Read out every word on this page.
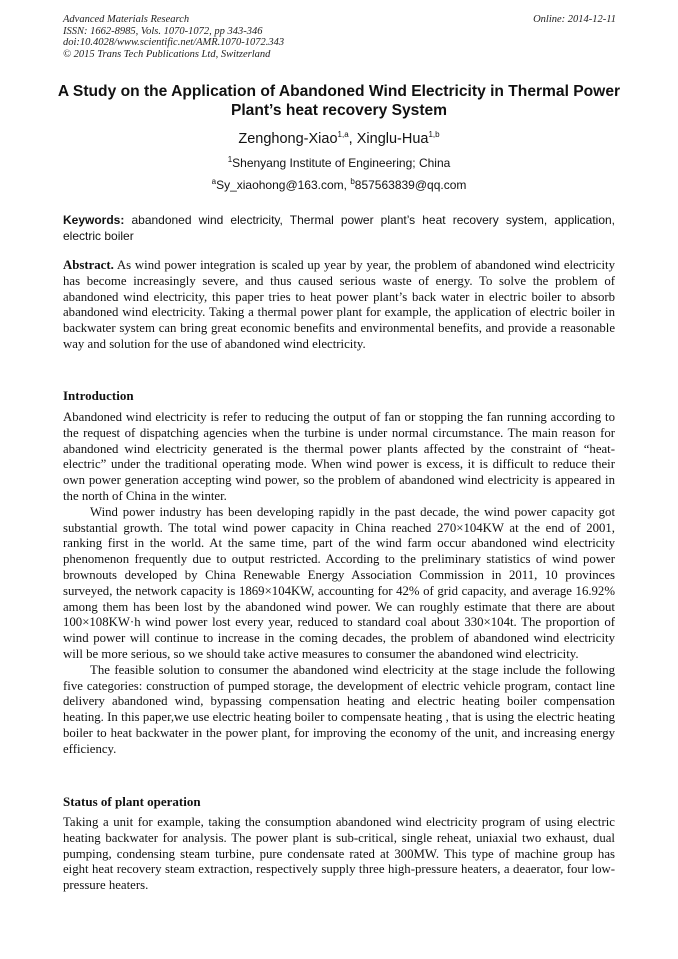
Advanced Materials Research
ISSN: 1662-8985, Vols. 1070-1072, pp 343-346
doi:10.4028/www.scientific.net/AMR.1070-1072.343
© 2015 Trans Tech Publications Ltd, Switzerland
Online: 2014-12-11
A Study on the Application of Abandoned Wind Electricity in Thermal Power Plant’s heat recovery System
Zenghong-Xiao$^{1,a}$, Xinglu-Hua$^{1,b}$
$^1$Shenyang Institute of Engineering; China
$^a$Sy_xiaohong@163.com, $^b$857563839@qq.com
Keywords: abandoned wind electricity, Thermal power plant’s heat recovery system, application, electric boiler
Abstract. As wind power integration is scaled up year by year, the problem of abandoned wind electricity has become increasingly severe, and thus caused serious waste of energy. To solve the problem of abandoned wind electricity, this paper tries to heat power plant’s back water in electric boiler to absorb abandoned wind electricity. Taking a thermal power plant for example, the application of electric boiler in backwater system can bring great economic benefits and environmental benefits, and provide a reasonable way and solution for the use of abandoned wind electricity.
Introduction

Abandoned wind electricity is refer to reducing the output of fan or stopping the fan running according to the request of dispatching agencies when the turbine is under normal circumstance. The main reason for abandoned wind electricity generated is the thermal power plants affected by the constraint of “heat-electric” under the traditional operating mode. When wind power is excess, it is difficult to reduce their own power generation accepting wind power, so the problem of abandoned wind electricity is appeared in the north of China in the winter.

Wind power industry has been developing rapidly in the past decade, the wind power capacity got substantial growth. The total wind power capacity in China reached 270×104KW at the end of 2001, ranking first in the world. At the same time, part of the wind farm occur abandoned wind electricity phenomenon frequently due to output restricted. According to the preliminary statistics of wind power brownouts developed by China Renewable Energy Association Commission in 2011, 10 provinces surveyed, the network capacity is 1869×104KW, accounting for 42% of grid capacity, and average 16.92% among them has been lost by the abandoned wind power. We can roughly estimate that there are about 100×108KW·h wind power lost every year, reduced to standard coal about 330×104t. The proportion of wind power will continue to increase in the coming decades, the problem of abandoned wind electricity will be more serious, so we should take active measures to consumer the abandoned wind electricity.

The feasible solution to consumer the abandoned wind electricity at the stage include the following five categories: construction of pumped storage, the development of electric vehicle program, contact line delivery abandoned wind, bypassing compensation heating and electric heating boiler compensation heating. In this paper,we use electric heating boiler to compensate heating , that is using the electric heating boiler to heat backwater in the power plant, for improving the economy of the unit, and increasing energy efficiency.

Status of plant operation

Taking a unit for example, taking the consumption abandoned wind electricity program of using electric heating backwater for analysis. The power plant is sub-critical, single reheat, uniaxial two exhaust, dual pumping, condensing steam turbine, pure condensate rated at 300MW. This type of machine group has eight heat recovery steam extraction, respectively supply three high-pressure heaters, a deaerator, four low-pressure heaters.
